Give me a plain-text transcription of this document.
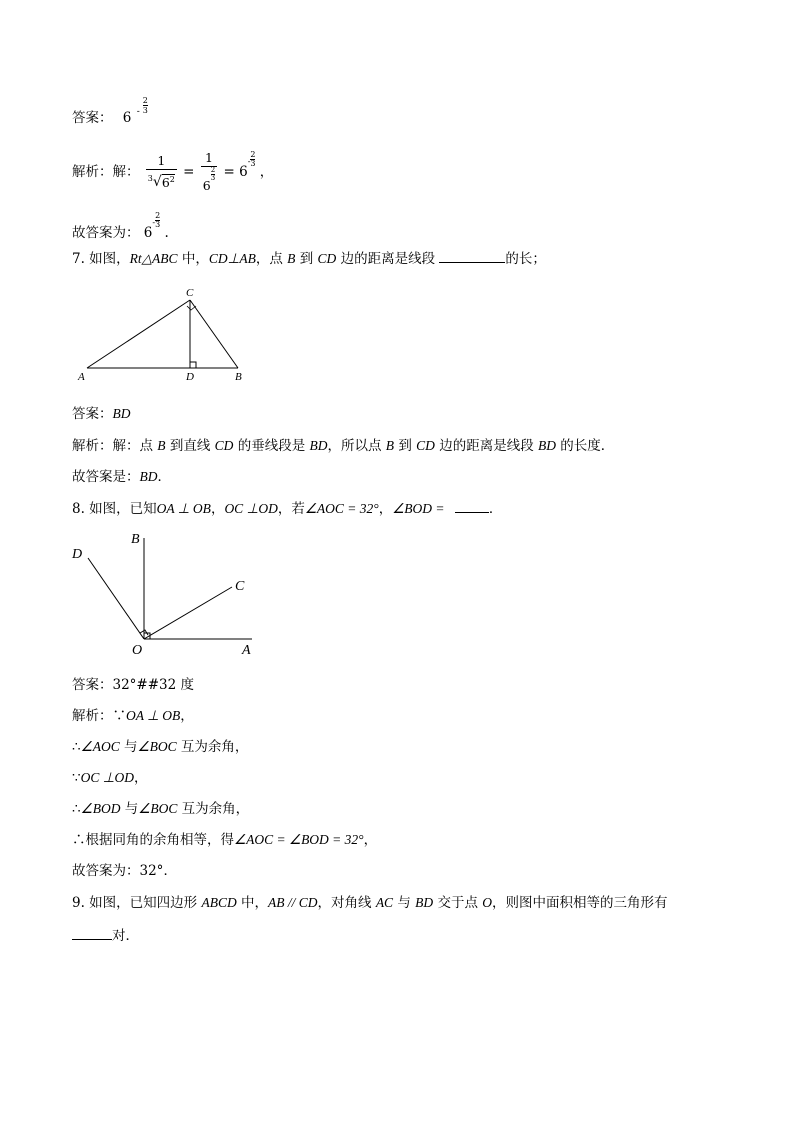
答案： 6 -
2
3
解析：解： $\frac{1}{^3√6^2} = 1$
6
$\frac{2}{3} = 6- \frac{2}{3}$
，
故答案为： $6- \frac{2}{3}$
.
7. 如图，Rt△ABC 中，CD⊥AB，点 B 到 CD 边的距离是线段	的长；
C
A	D	B
答案：BD
解析：解：点 B 到直线 CD 的垂线段是 BD，所以点 B 到 CD 边的距离是线段 BD 的长度．
故答案是：BD．
8. 如图，已知OA ⊥ OB，OC ⊥OD，若∠AOC = 32°，∠BOD =	．
D
B
C
O	A
答案：32°##32 度
解析：∵OA ⊥ OB，
∴∠AOC 与∠BOC 互为余角，
∵OC ⊥OD，
∴∠BOD 与∠BOC 互为余角，
∴根据同角的余角相等，得∠AOC = ∠BOD = 32°，
故答案为：32°．
9. 如图，已知四边形 ABCD 中，AB // CD，对角线 AC 与 BD 交于点 O，则图中面积相等的三角形有
对．
